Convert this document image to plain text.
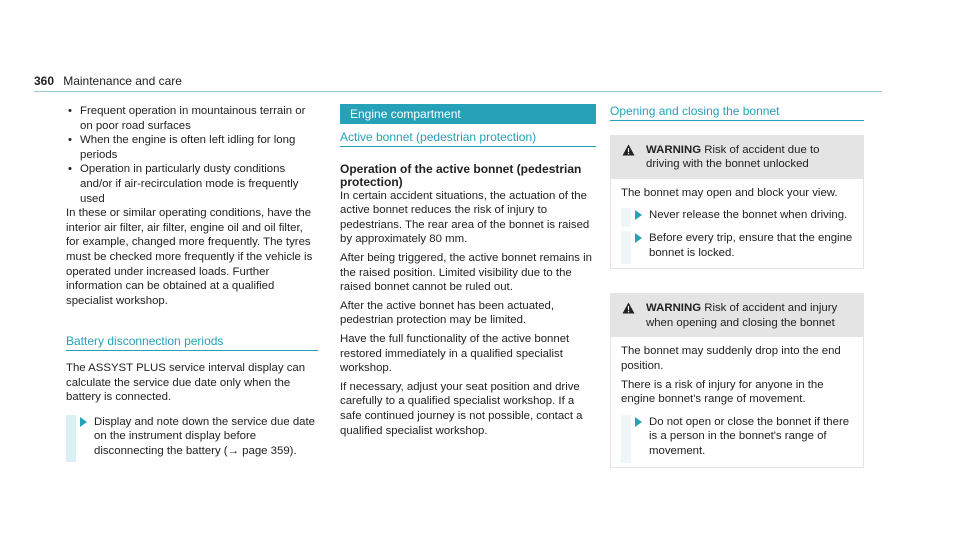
360 Maintenance and care
• Frequent operation in mountainous terrain or on poor road surfaces
• When the engine is often left idling for long periods
• Operation in particularly dusty conditions and/or if air-recirculation mode is frequently used

In these or similar operating conditions, have the interior air filter, air filter, engine oil and oil filter, for example, changed more frequently. The tyres must be checked more frequently if the vehicle is operated under increased loads. Further information can be obtained at a qualified specialist workshop.

Battery disconnection periods

The ASSYST PLUS service interval display can calculate the service due date only when the battery is connected.

Display and note down the service due date on the instrument display before disconnecting the battery (→ page 359).
Engine compartment
Active bonnet (pedestrian protection)
Operation of the active bonnet (pedestrian protection)

In certain accident situations, the actuation of the active bonnet reduces the risk of injury to pedestrians. The rear area of the bonnet is raised by approximately 80 mm.

After being triggered, the active bonnet remains in the raised position. Limited visibility due to the raised bonnet cannot be ruled out.

After the active bonnet has been actuated, pedestrian protection may be limited.

Have the full functionality of the active bonnet restored immediately in a qualified specialist workshop.

If necessary, adjust your seat position and drive carefully to a qualified specialist workshop. If a safe continued journey is not possible, contact a qualified specialist workshop.

Opening and closing the bonnet
WARNING Risk of accident due to driving with the bonnet unlocked

The bonnet may open and block your view.

Never release the bonnet when driving.
Before every trip, ensure that the engine bonnet is locked.
WARNING Risk of accident and injury when opening and closing the bonnet

The bonnet may suddenly drop into the end position.

There is a risk of injury for anyone in the engine bonnet's range of movement.

Do not open or close the bonnet if there is a person in the bonnet's range of movement.
